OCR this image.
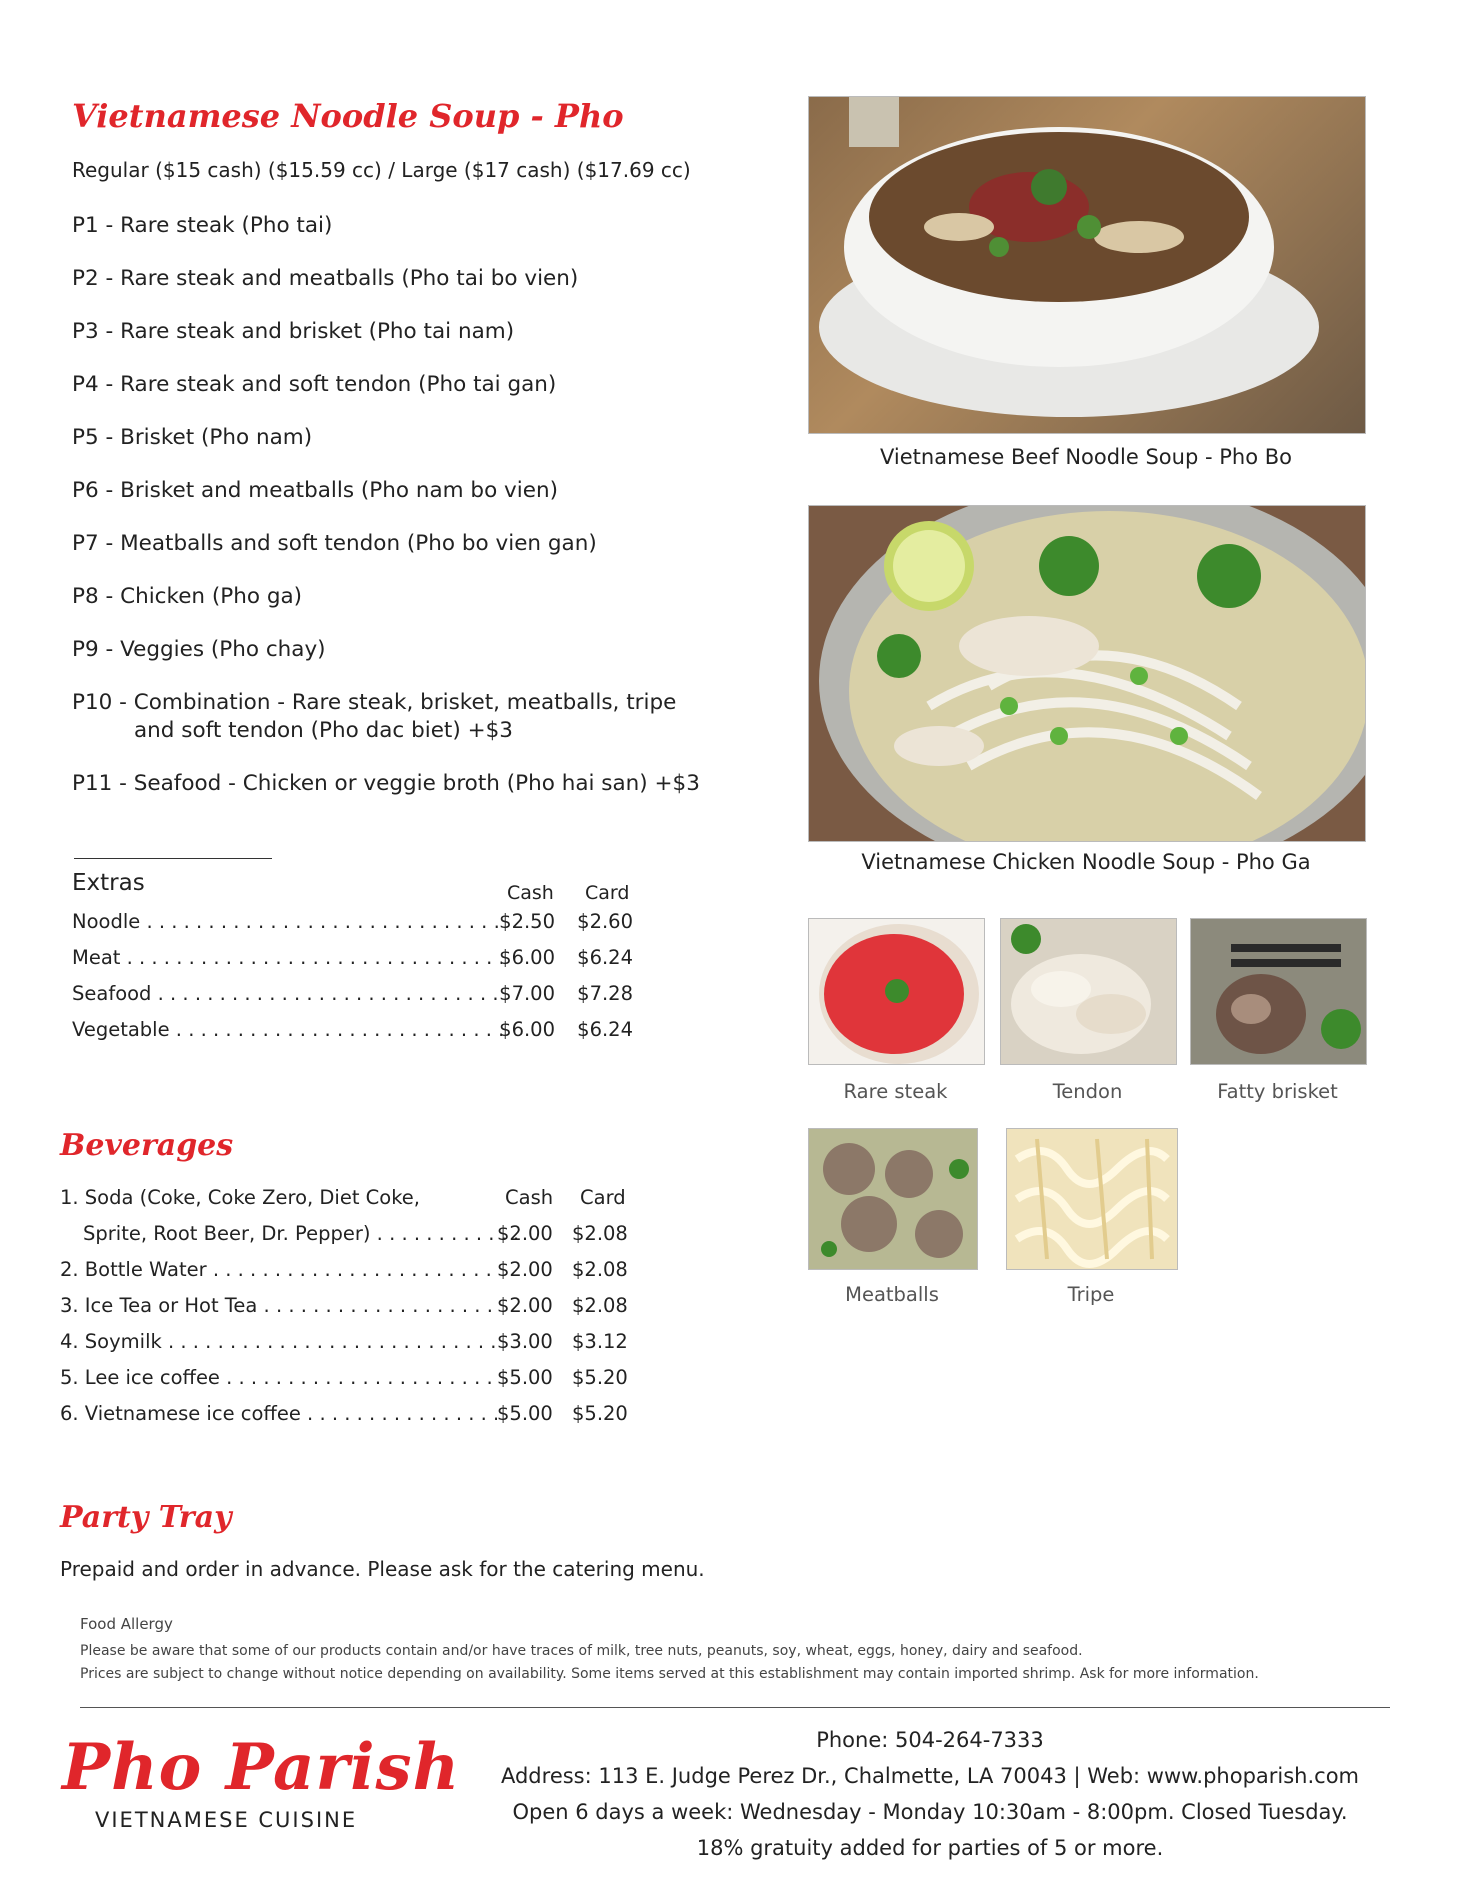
Vietnamese Noodle Soup - Pho
Regular ($15 cash) ($15.59 cc) / Large ($17 cash) ($17.69 cc)
P1 - Rare steak (Pho tai)
P2 - Rare steak and meatballs (Pho tai bo vien)
P3 - Rare steak and brisket (Pho tai nam)
P4 - Rare steak and soft tendon (Pho tai gan)
P5 - Brisket (Pho nam)
P6 - Brisket and meatballs (Pho nam bo vien)
P7 - Meatballs and soft tendon (Pho bo vien gan)
P8 - Chicken (Pho ga)
P9 - Veggies (Pho chay)
P10 - Combination - Rare steak, brisket, meatballs, tripe
and soft tendon (Pho dac biet) +$3
P11 - Seafood - Chicken or veggie broth (Pho hai san) +$3
Extras	Cash Card
Noodle . . .	$2.50 $2.60
Meat . . .	$6.00 $6.24
Seafood . . .	$7.00 $7.28
Vegetable . . .	$6.00 $6.24
Beverages
1. Soda (Coke, Coke Zero, Diet Coke,	Cash Card
Sprite, Root Beer, Dr. Pepper) . . .	$2.00 $2.08
2. Bottle Water . . .	$2.00 $2.08
3. Ice Tea or Hot Tea . . .	$2.00 $2.08
4. Soymilk . . .	$3.00 $3.12
5. Lee ice coffee . . .	$5.00 $5.20
6. Vietnamese ice coffee . . .	$5.00 $5.20
Party Tray
Prepaid and order in advance. Please ask for the catering menu.
Food Allergy
Please be aware that some of our products contain and/or have traces of milk, tree nuts, peanuts, soy, wheat, eggs, honey, dairy and seafood.
Prices are subject to change without notice depending on availability. Some items served at this establishment may contain imported shrimp. Ask for more information.
Pho Parish
VIETNAMESE CUISINE
Phone: 504-264-7333
Address: 113 E. Judge Perez Dr., Chalmette, LA 70043 | Web: www.phoparish.com
Open 6 days a week: Wednesday - Monday 10:30am - 8:00pm. Closed Tuesday.
18% gratuity added for parties of 5 or more.
Vietnamese Beef Noodle Soup - Pho Bo
Vietnamese Chicken Noodle Soup - Pho Ga
Rare steak	Tendon	Fatty brisket
Meatballs	Tripe
